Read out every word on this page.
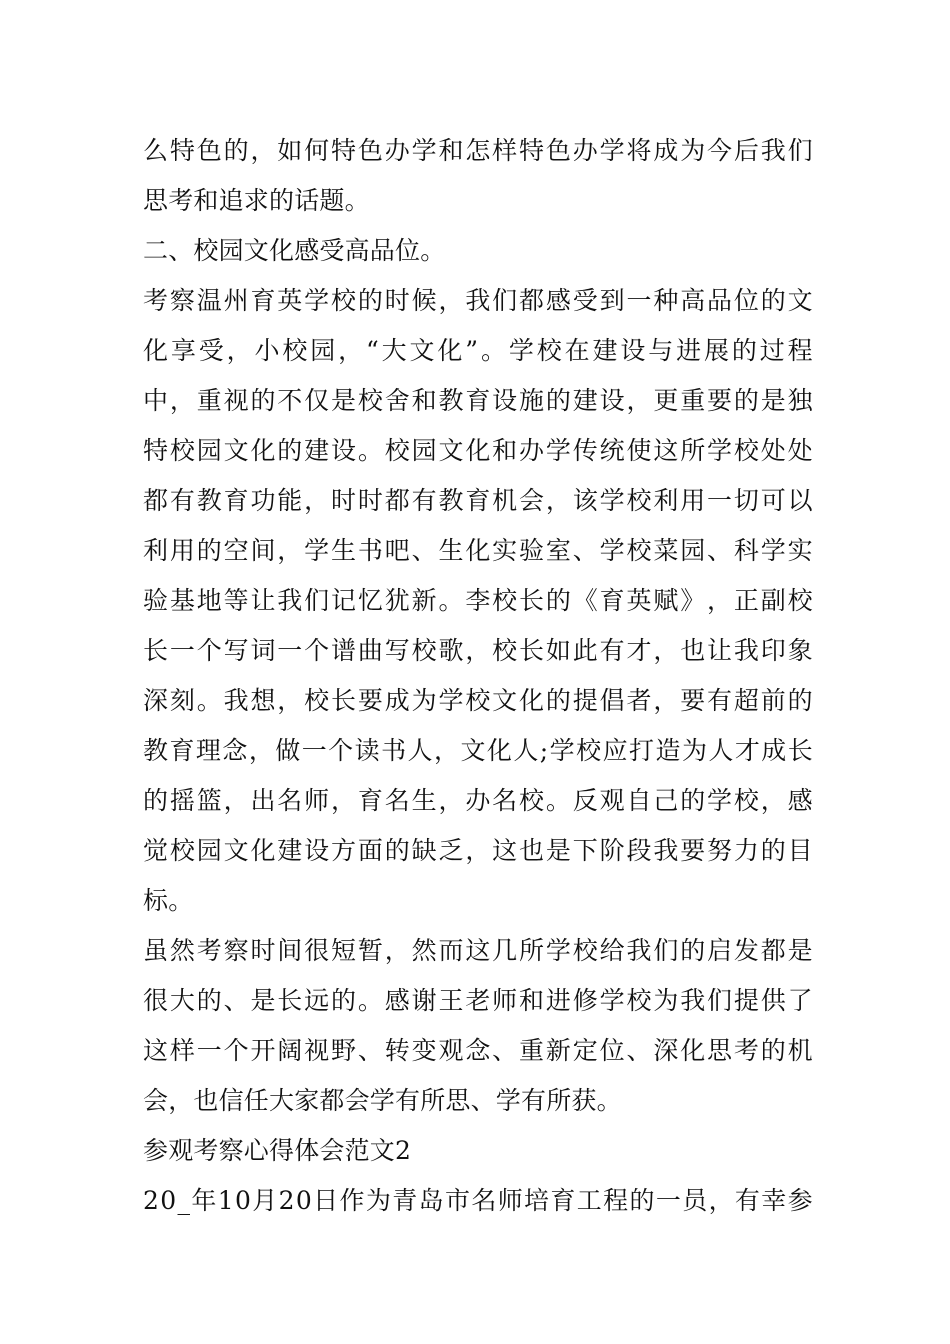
么 特 色 的 ， 如 何 特 色 办 学 和 怎 样 特 色 办 学 将 成 为 今 后 我 们
思考和追求的话题。
二、校园文化感受高品位。
考 察 温 州 育 英 学 校 的 时 候 ， 我 们 都 感 受 到 一 种 高 品 位 的 文
化 享 受 ， 小 校 园 ， “ 大 文 化 ” 。 学 校 在 建 设 与 进 展 的 过 程
中 ， 重 视 的 不 仅 是 校 舍 和 教 育 设 施 的 建 设 ， 更 重 要 的 是 独
特 校 园 文 化 的 建 设 。 校 园 文 化 和 办 学 传 统 使 这 所 学 校 处 处
都 有 教 育 功 能 ， 时 时 都 有 教 育 机 会 ， 该 学 校 利 用 一 切 可 以
利 用 的 空 间 ， 学 生 书 吧 、 生 化 实 验 室 、 学 校 菜 园 、 科 学 实
验 基 地 等 让 我 们 记 忆 犹 新 。 李 校 长 的 《 育 英 赋 》 ， 正 副 校
长 一 个 写 词 一 个 谱 曲 写 校 歌 ， 校 长 如 此 有 才 ， 也 让 我 印 象
深 刻 。 我 想 ， 校 长 要 成 为 学 校 文 化 的 提 倡 者 ， 要 有 超 前 的
教 育 理 念 ， 做 一 个 读 书 人 ， 文 化 人 ; 学 校 应 打 造 为 人 才 成 长
的 摇 篮 ， 出 名 师 ， 育 名 生 ， 办 名 校 。 反 观 自 己 的 学 校 ， 感
觉 校 园 文 化 建 设 方 面 的 缺 乏 ， 这 也 是 下 阶 段 我 要 努 力 的 目
标。
虽 然 考 察 时 间 很 短 暂 ， 然 而 这 几 所 学 校 给 我 们 的 启 发 都 是
很 大 的 、 是 长 远 的 。 感 谢 王 老 师 和 进 修 学 校 为 我 们 提 供 了
这 样 一 个 开 阔 视 野 、 转 变 观 念 、 重 新 定 位 、 深 化 思 考 的 机
会，也信任大家都会学有所思、学有所获。
参观考察心得体会范文2
2 0 _ 年 1 0 月 2 0 日 作 为 青 岛 市 名 师 培 育 工 程 的 一 员 ， 有 幸 参
